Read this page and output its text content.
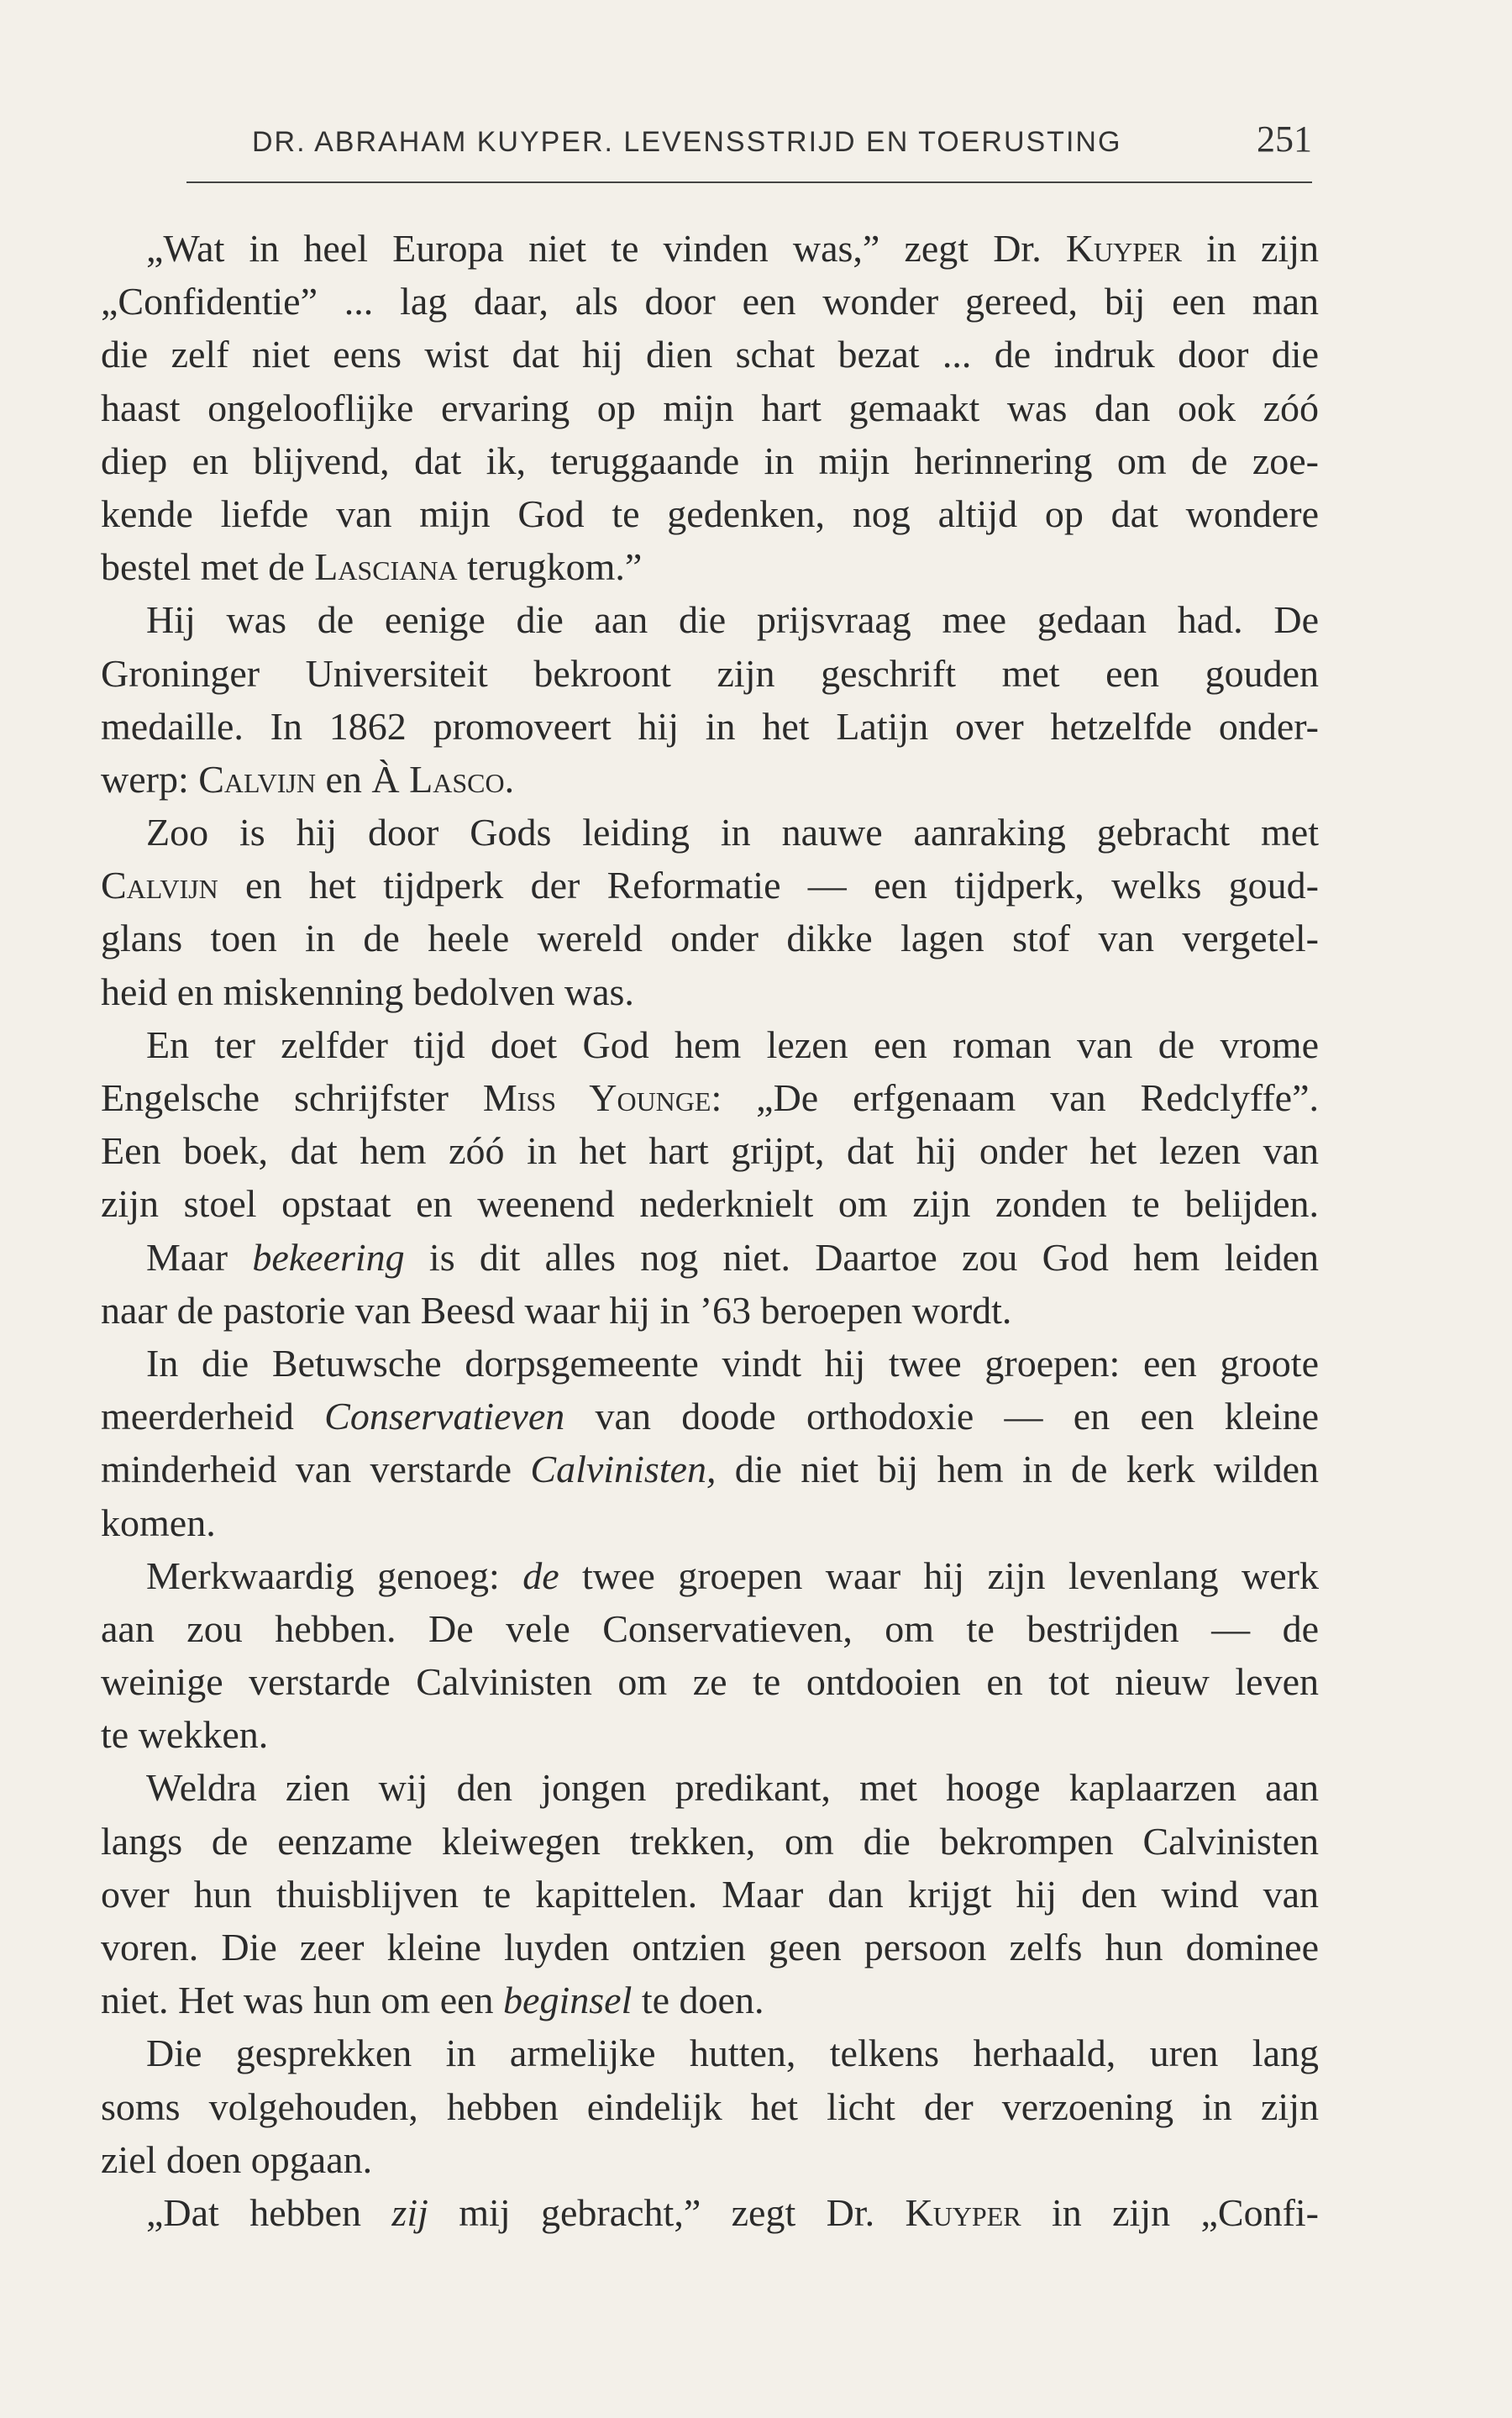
DR. ABRAHAM KUYPER. LEVENSSTRIJD EN TOERUSTING	251
„Wat in heel Europa niet te vinden was,” zegt Dr. Kuyper in zijn
„Confidentie” ... lag daar, als door een wonder gereed, bij een man
die zelf niet eens wist dat hij dien schat bezat ... de indruk door die
haast ongelooflijke ervaring op mijn hart gemaakt was dan ook zóó
diep en blijvend, dat ik, teruggaande in mijn herinnering om de zoe-
kende liefde van mijn God te gedenken, nog altijd op dat wondere
bestel met de Lasciana terugkom.”
Hij was de eenige die aan die prijsvraag mee gedaan had. De
Groninger Universiteit bekroont zijn geschrift met een gouden
medaille. In 1862 promoveert hij in het Latijn over hetzelfde onder-
werp: Calvijn en À Lasco.
Zoo is hij door Gods leiding in nauwe aanraking gebracht met
Calvijn en het tijdperk der Reformatie — een tijdperk, welks goud-
glans toen in de heele wereld onder dikke lagen stof van vergetel-
heid en miskenning bedolven was.
En ter zelfder tijd doet God hem lezen een roman van de vrome
Engelsche schrijfster Miss Younge: „De erfgenaam van Redclyffe”.
Een boek, dat hem zóó in het hart grijpt, dat hij onder het lezen van
zijn stoel opstaat en weenend nederknielt om zijn zonden te belijden.
Maar bekeering is dit alles nog niet. Daartoe zou God hem leiden
naar de pastorie van Beesd waar hij in ’63 beroepen wordt.
In die Betuwsche dorpsgemeente vindt hij twee groepen: een groote
meerderheid Conservatieven van doode orthodoxie — en een kleine
minderheid van verstarde Calvinisten, die niet bij hem in de kerk wilden
komen.
Merkwaardig genoeg: de twee groepen waar hij zijn levenlang werk
aan zou hebben. De vele Conservatieven, om te bestrijden — de
weinige verstarde Calvinisten om ze te ontdooien en tot nieuw leven
te wekken.
Weldra zien wij den jongen predikant, met hooge kaplaarzen aan
langs de eenzame kleiwegen trekken, om die bekrompen Calvinisten
over hun thuisblijven te kapittelen. Maar dan krijgt hij den wind van
voren. Die zeer kleine luyden ontzien geen persoon zelfs hun dominee
niet. Het was hun om een beginsel te doen.
Die gesprekken in armelijke hutten, telkens herhaald, uren lang
soms volgehouden, hebben eindelijk het licht der verzoening in zijn
ziel doen opgaan.
„Dat hebben zij mij gebracht,” zegt Dr. Kuyper in zijn „Confi-
